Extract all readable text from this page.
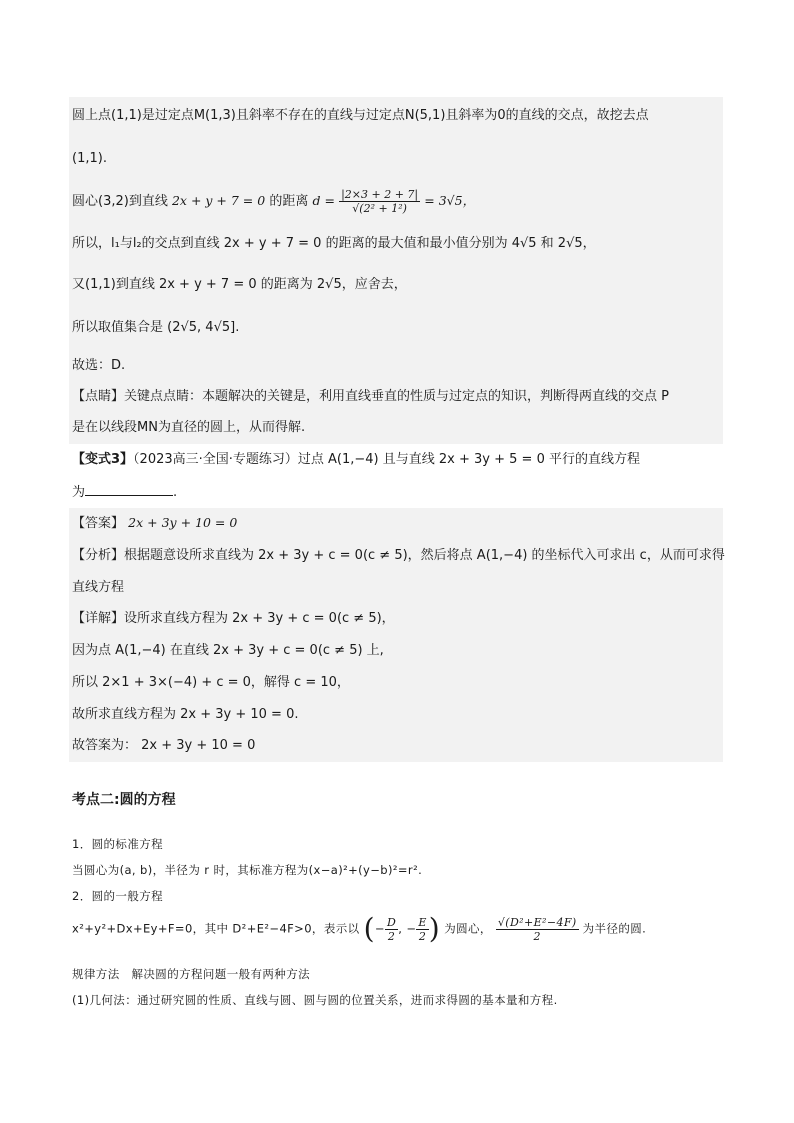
圆上点(1,1)是过定点M(1,3)且斜率不存在的直线与过定点N(5,1)且斜率为0的直线的交点，故挖去点
(1,1).
圆心(3,2)到直线 2x + y + 7 = 0 的距离 $d = \frac{|2\times 3 + 2 + 7|}{\text{√(2² + 1²)}} = 3√5$，
所以，l₁与l₂的交点到直线 2x + y + 7 = 0 的距离的最大值和最小值分别为 4√5 和 2√5，
又(1,1)到直线 2x + y + 7 = 0 的距离为 2√5，应舍去，
所以取值集合是 (2√5, 4√5].
故选：D.
【点睛】关键点点睛：本题解决的关键是，利用直线垂直的性质与过定点的知识，判断得两直线的交点 P
是在以线段MN为直径的圆上，从而得解.
【变式3】（2023高三·全国·专题练习）过点 A(1,−4) 且与直线 2x + 3y + 5 = 0 平行的直线方程
为	.
【答案】 2x + 3y + 10 = 0
【分析】根据题意设所求直线为 2x + 3y + c = 0(c ≠ 5)，然后将点 A(1,−4) 的坐标代入可求出 c，从而可求得
直线方程
【详解】设所求直线方程为 2x + 3y + c = 0(c ≠ 5)，
因为点 A(1,−4) 在直线 2x + 3y + c = 0(c ≠ 5) 上,
所以 2×1 + 3×(−4) + c = 0，解得 c = 10，
故所求直线方程为 2x + 3y + 10 = 0.
故答案为： 2x + 3y + 10 = 0
考点二:圆的方程
1．圆的标准方程
当圆心为(a, b)，半径为 r 时，其标准方程为(x−a)²+(y−b)²=r².
2．圆的一般方程
x²+y²+Dx+Ey+F=0，其中 D²+E²−4F>0，表示以 (− $\frac{D}{2}$ , − $\frac{E}{2}$ ) 为圆心， $\frac{\text{√(D²+E²−4F)}}{2}$ 为半径的圆.
规律方法　解决圆的方程问题一般有两种方法
(1)几何法：通过研究圆的性质、直线与圆、圆与圆的位置关系，进而求得圆的基本量和方程.
